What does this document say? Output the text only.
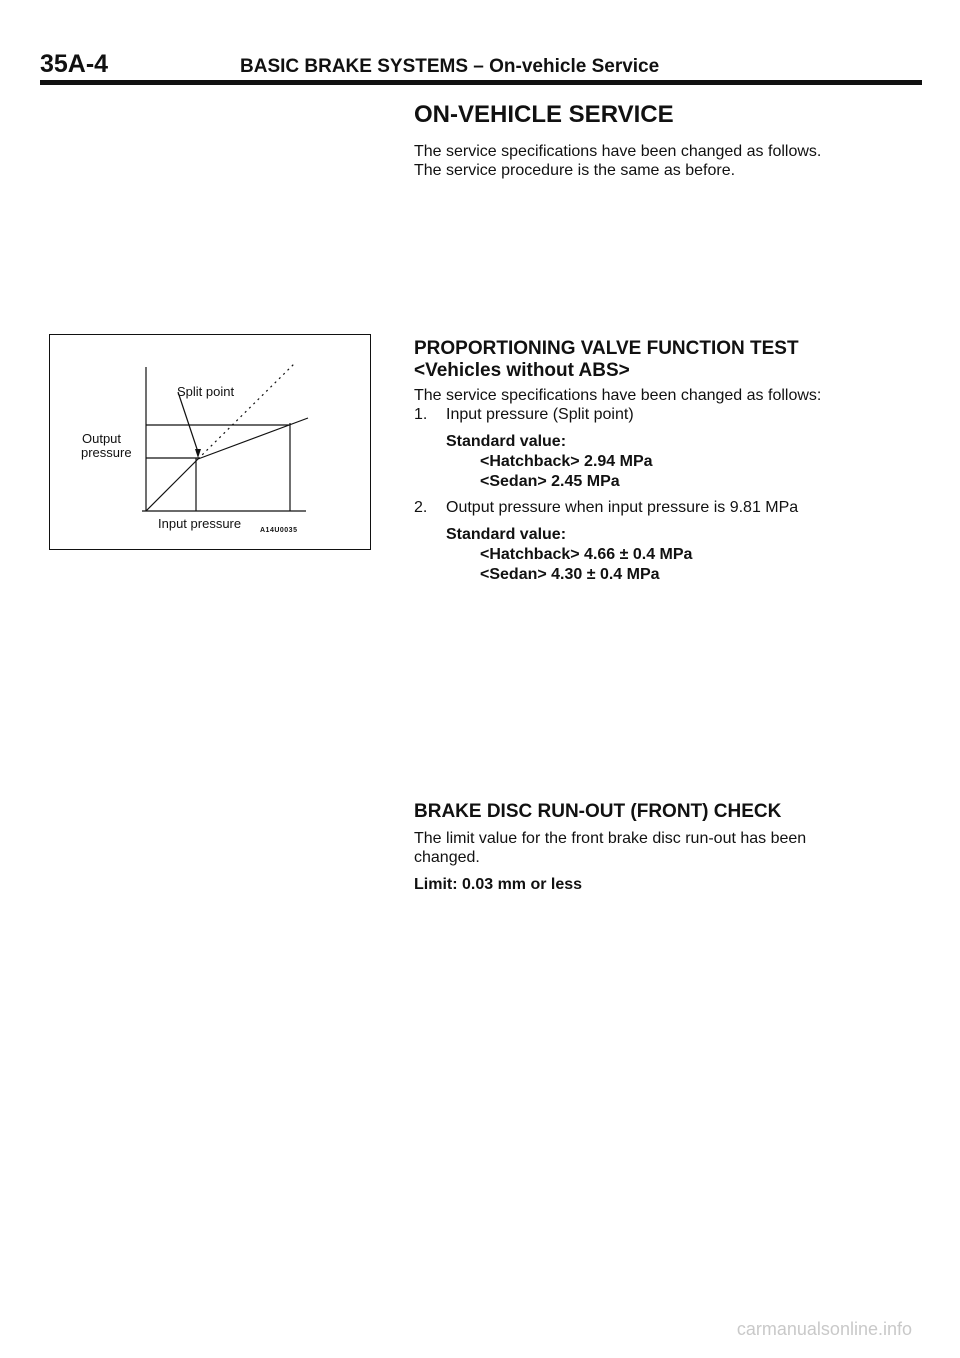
35A-4	BASIC BRAKE SYSTEMS – On-vehicle Service
ON-VEHICLE SERVICE
The service specifications have been changed as follows.
The service procedure is the same as before.
Split point
Output
pressure
Input pressure	A14U0035
PROPORTIONING VALVE FUNCTION TEST
<Vehicles without ABS>
The service specifications have been changed as follows:
1. Input pressure (Split point)
Standard value:
<Hatchback> 2.94 MPa
<Sedan> 2.45 MPa
2. Output pressure when input pressure is 9.81 MPa
Standard value:
<Hatchback> 4.66 ± 0.4 MPa
<Sedan> 4.30 ± 0.4 MPa
BRAKE DISC RUN-OUT (FRONT) CHECK
The limit value for the front brake disc run-out has been
changed.
Limit: 0.03 mm or less
carmanualsonline.info
